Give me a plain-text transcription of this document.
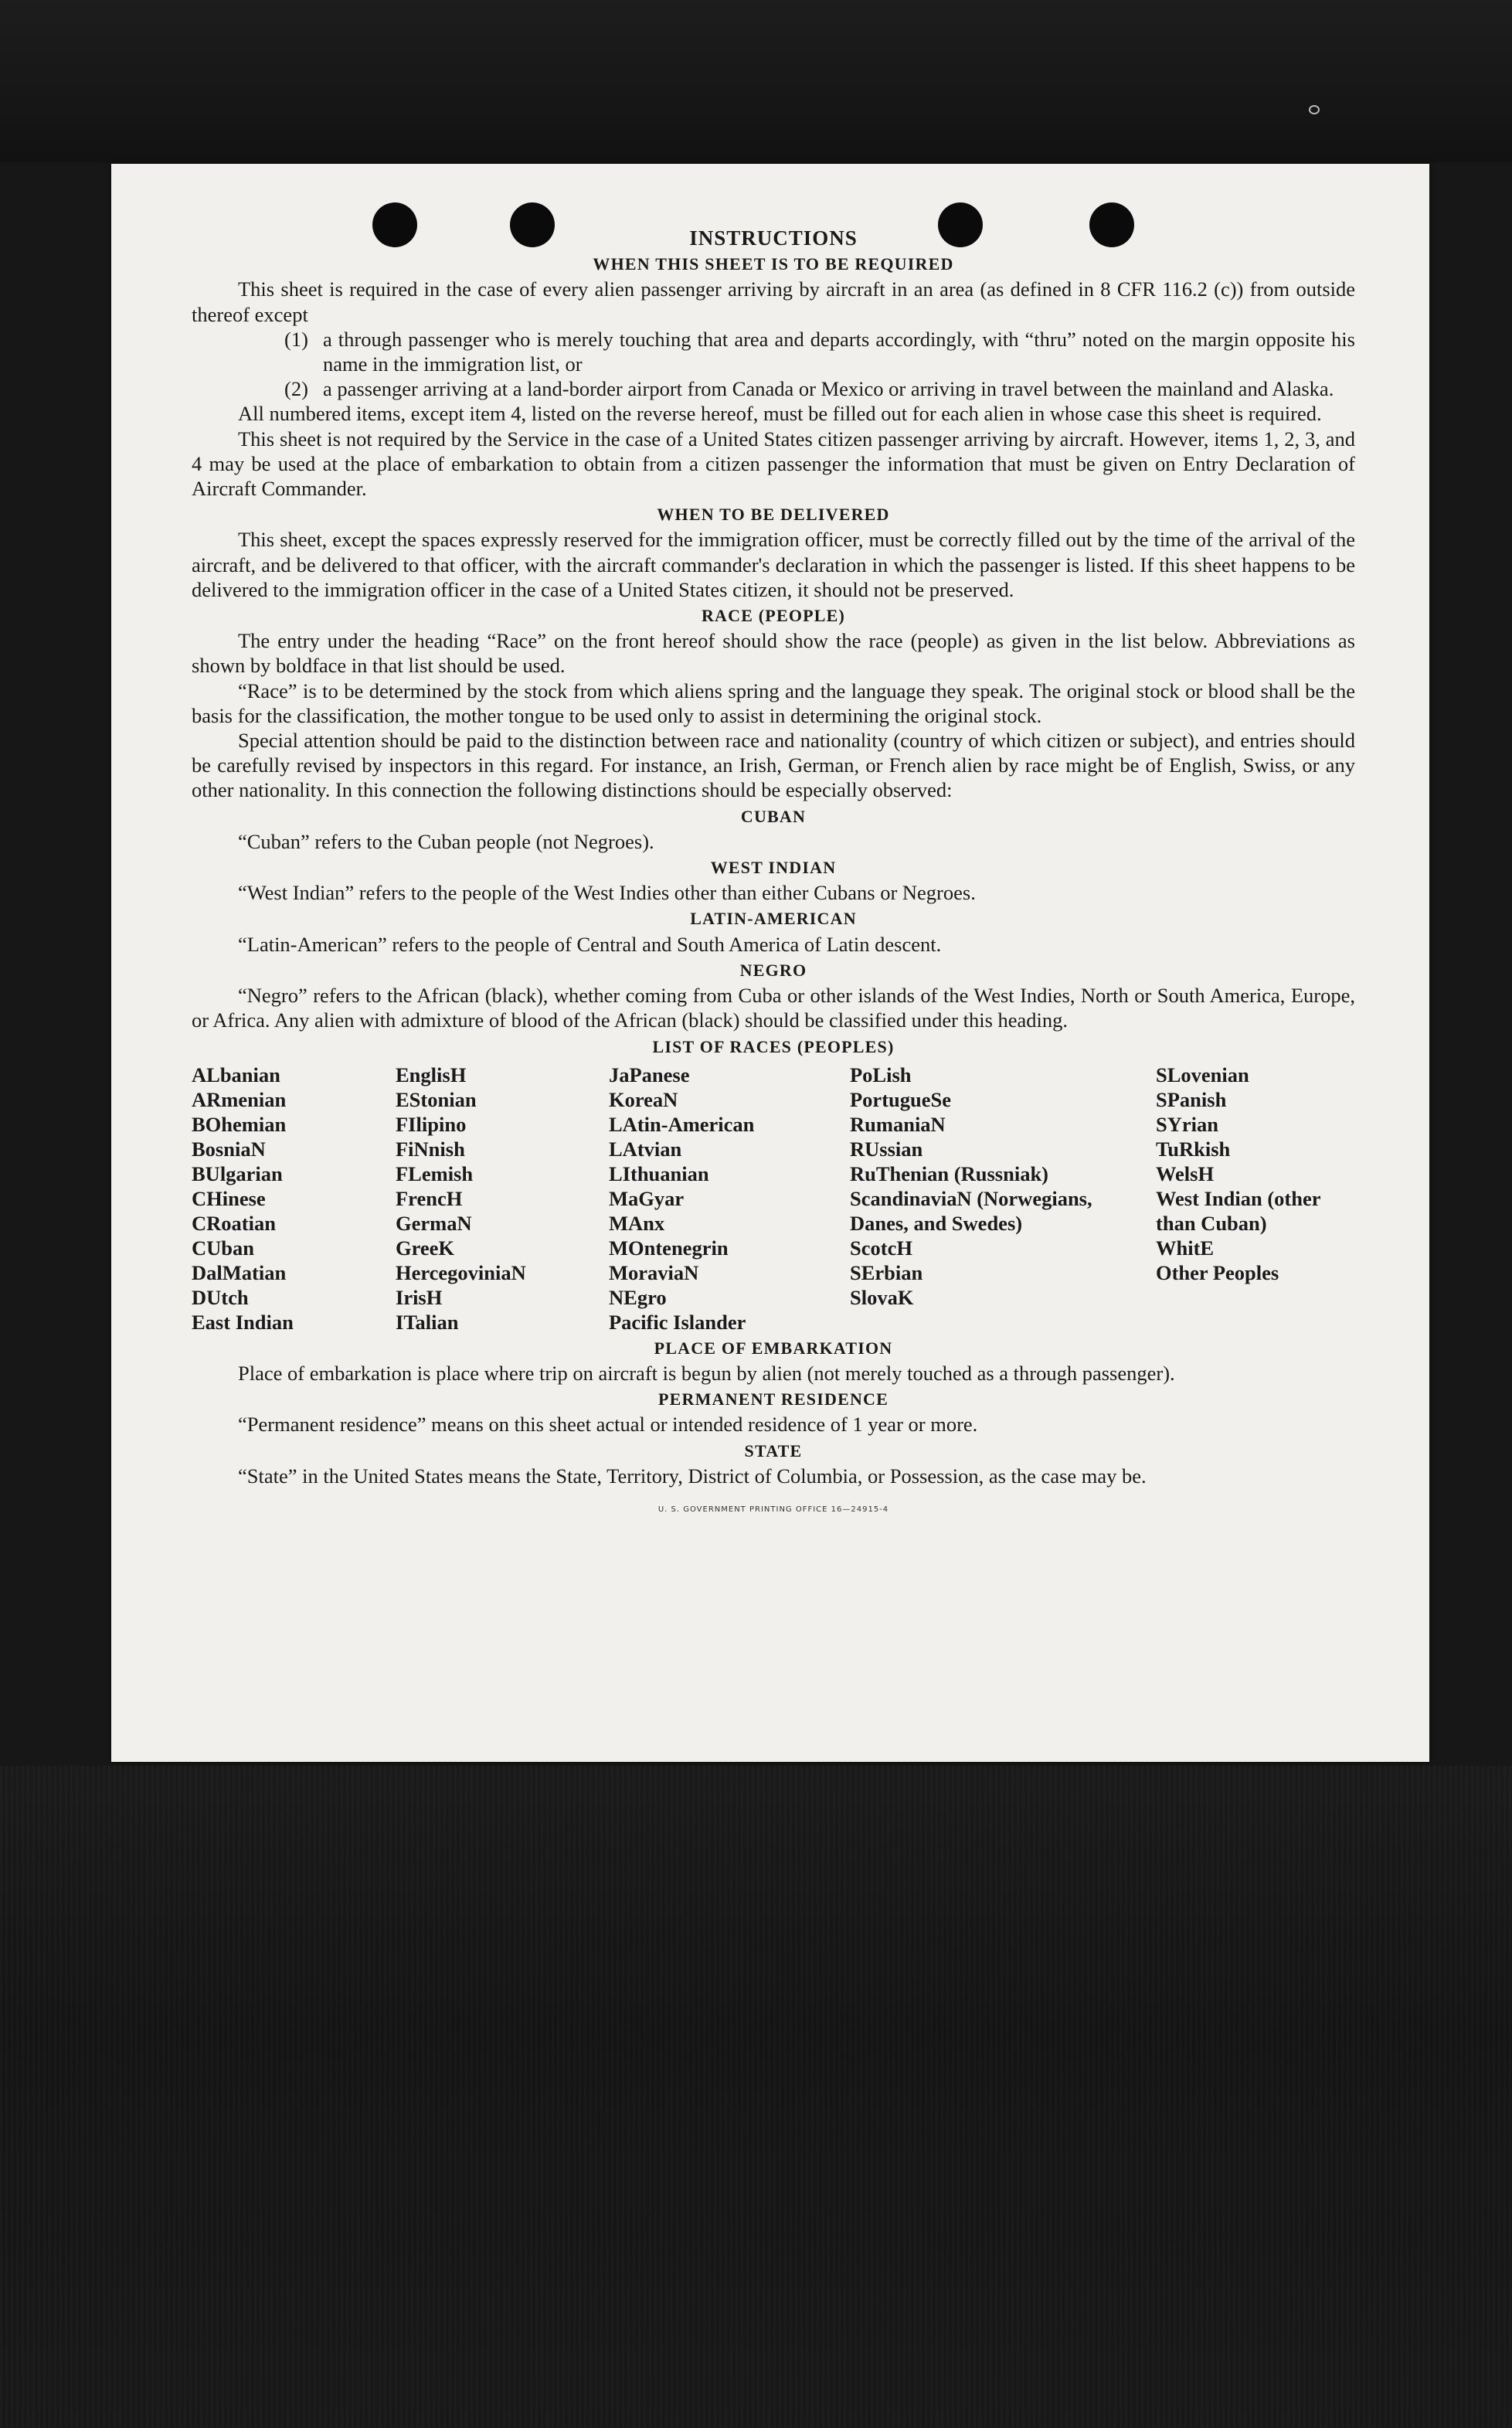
INSTRUCTIONS
WHEN THIS SHEET IS TO BE REQUIRED

This sheet is required in the case of every alien passenger arriving by aircraft in an area (as defined in 8 CFR 116.2 (c)) from outside thereof except

(1) a through passenger who is merely touching that area and departs accordingly, with “thru” noted on the margin opposite his name in the immigration list, or
(2) a passenger arriving at a land-border airport from Canada or Mexico or arriving in travel between the mainland and Alaska.

All numbered items, except item 4, listed on the reverse hereof, must be filled out for each alien in whose case this sheet is required.

This sheet is not required by the Service in the case of a United States citizen passenger arriving by aircraft. However, items 1, 2, 3, and 4 may be used at the place of embarkation to obtain from a citizen passenger the information that must be given on Entry Declaration of Aircraft Commander.

WHEN TO BE DELIVERED

This sheet, except the spaces expressly reserved for the immigration officer, must be correctly filled out by the time of the arrival of the aircraft, and be delivered to that officer, with the aircraft commander's declaration in which the passenger is listed. If this sheet happens to be delivered to the immigration officer in the case of a United States citizen, it should not be preserved.

RACE (PEOPLE)

The entry under the heading “Race” on the front hereof should show the race (people) as given in the list below. Abbreviations as shown by boldface in that list should be used.

“Race” is to be determined by the stock from which aliens spring and the language they speak. The original stock or blood shall be the basis for the classification, the mother tongue to be used only to assist in determining the original stock.

Special attention should be paid to the distinction between race and nationality (country of which citizen or subject), and entries should be carefully revised by inspectors in this regard. For instance, an Irish, German, or French alien by race might be of English, Swiss, or any other nationality. In this connection the following distinctions should be especially observed:

CUBAN

“Cuban” refers to the Cuban people (not Negroes).

WEST INDIAN

“West Indian” refers to the people of the West Indies other than either Cubans or Negroes.

LATIN-AMERICAN

“Latin-American” refers to the people of Central and South America of Latin descent.

NEGRO

“Negro” refers to the African (black), whether coming from Cuba or other islands of the West Indies, North or South America, Europe, or Africa. Any alien with admixture of blood of the African (black) should be classified under this heading.

LIST OF RACES (PEOPLES)
ALbanian
ARmenian
BOhemian
BosniaN
BUlgarian
CHinese
CRoatian
CUban
DalMatian
DUtch
East Indian
EnglisH
EStonian
FIlipino
FiNnish
FLemish
FrencH
GermaN
GreeK
HercegoviniaN
IrisH
ITalian
JaPanese
KoreaN
LAtin-American
LAtvian
LIthuanian
MaGyar
MAnx
MOntenegrin
MoraviaN
NEgro
Pacific Islander
PoLish
PortugueSe
RumaniaN
RUssian
RuThenian (Russniak)
ScandinaviaN (Norwegians, Danes, and Swedes)
ScotcH
SErbian
SlovaK
SLovenian
SPanish
SYrian
TuRkish
WelsH
West Indian (other than Cuban)
WhitE
Other Peoples
PLACE OF EMBARKATION

Place of embarkation is place where trip on aircraft is begun by alien (not merely touched as a through passenger).

PERMANENT RESIDENCE

“Permanent residence” means on this sheet actual or intended residence of 1 year or more.

STATE

“State” in the United States means the State, Territory, District of Columbia, or Possession, as the case may be.

U. S. GOVERNMENT PRINTING OFFICE 16—24915-4
